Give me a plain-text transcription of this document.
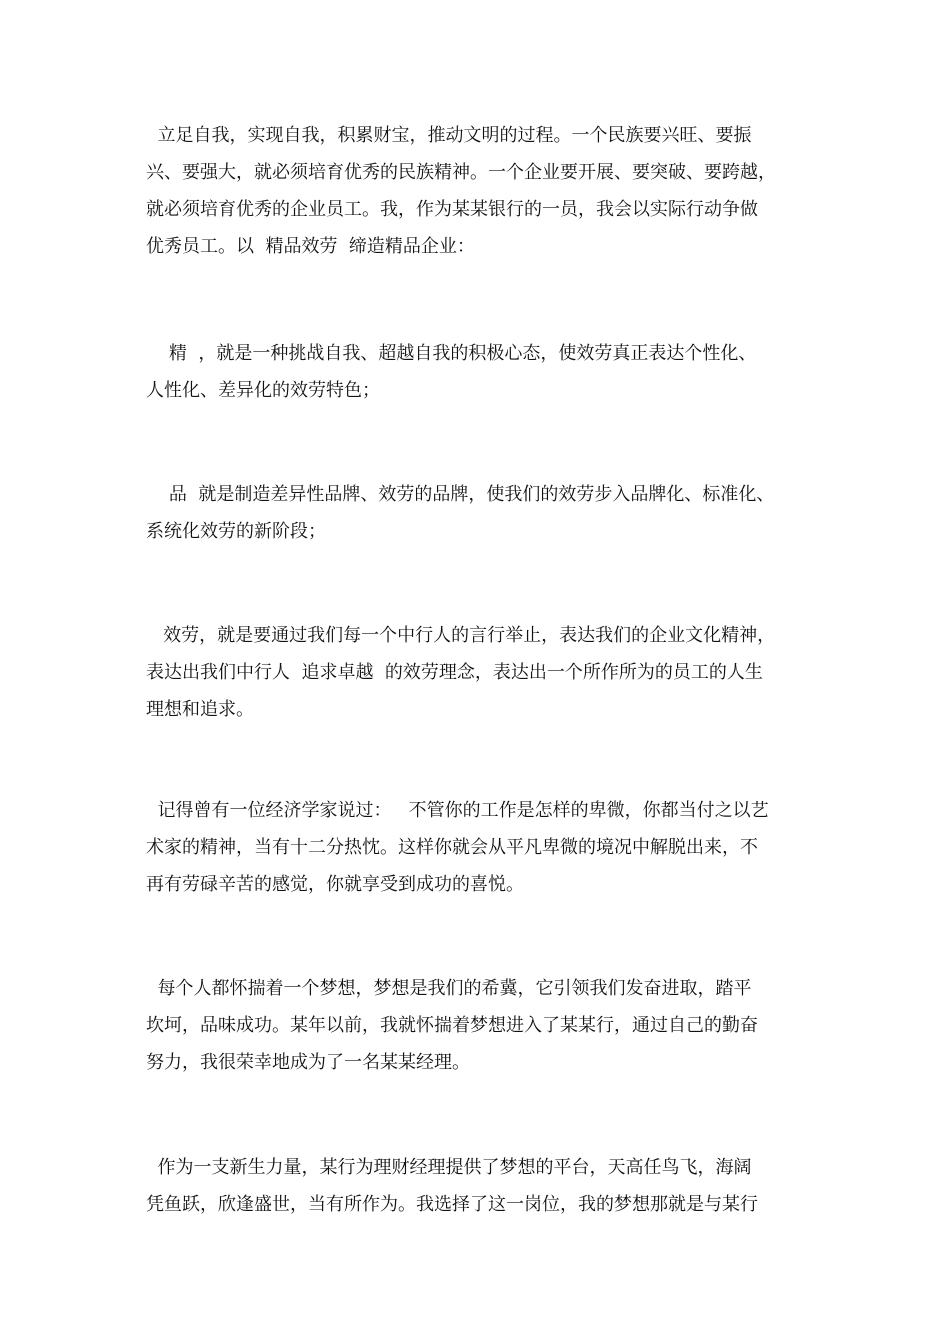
立足自我，实现自我，积累财宝，推动文明的过程。一个民族要兴旺、要振
兴、要强大，就必须培育优秀的民族精神。一个企业要开展、要突破、要跨越，
就必须培育优秀的企业员工。我，作为某某银行的一员，我会以实际行动争做
优秀员工。以  精品效劳  缔造精品企业：
精  ，就是一种挑战自我、超越自我的积极心态，使效劳真正表达个性化、
人性化、差异化的效劳特色；
品  就是制造差异性品牌、效劳的品牌，使我们的效劳步入品牌化、标准化、
系统化效劳的新阶段；
效劳，就是要通过我们每一个中行人的言行举止，表达我们的企业文化精神，
表达出我们中行人  追求卓越  的效劳理念，表达出一个所作所为的员工的人生
理想和追求。
记得曾有一位经济学家说过：   不管你的工作是怎样的卑微，你都当付之以艺
术家的精神，当有十二分热忱。这样你就会从平凡卑微的境况中解脱出来，不
再有劳碌辛苦的感觉，你就享受到成功的喜悦。
每个人都怀揣着一个梦想，梦想是我们的希冀，它引领我们发奋进取，踏平
坎坷，品味成功。某年以前，我就怀揣着梦想进入了某某行，通过自己的勤奋
努力，我很荣幸地成为了一名某某经理。
作为一支新生力量，某行为理财经理提供了梦想的平台，天高任鸟飞，海阔
凭鱼跃，欣逢盛世，当有所作为。我选择了这一岗位，我的梦想那就是与某行
